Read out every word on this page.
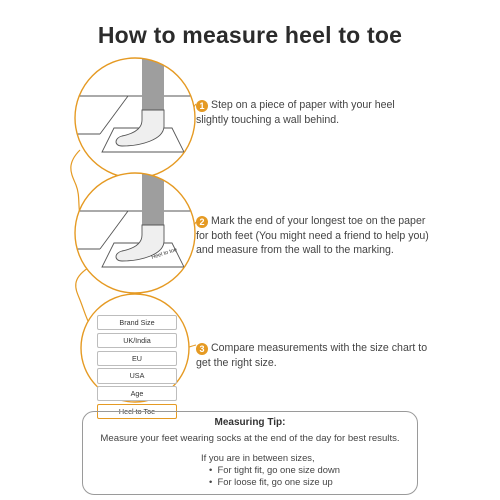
How to measure heel to toe
Heel to toe
Brand Size
UK/India
EU
USA
Age
Heel to Toe
1 Step on a piece of paper with your heel slightly touching a wall behind.
2 Mark the end of your longest toe on the paper for both feet (You might need a friend to help you) and measure from the wall to the marking.
3 Compare measurements with the size chart to get the right size.
Measuring Tip:
Measure your feet wearing socks at the end of the day for best results.
If you are in between sizes,
•  For tight fit, go one size down
•  For loose fit, go one size up
